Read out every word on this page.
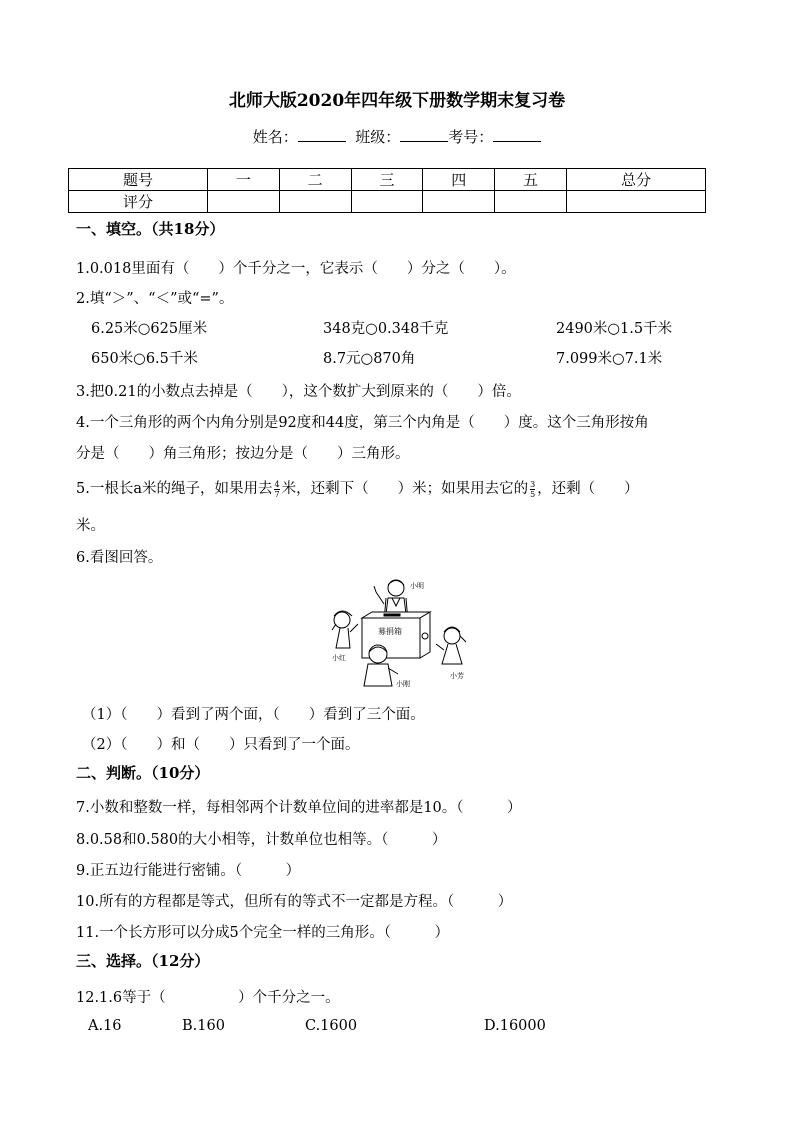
北师大版2020年四年级下册数学期末复习卷
姓名：	班级：	考号：
题号	一	二	三	四	五	总分
评分						
一、填空。（共18分）
1.0.018里面有（　　）个千分之一，它表示（　　）分之（　　）。
2.填“＞”、“＜”或“=”。
6.25米○625厘米	348克○0.348千克	2490米○1.5千米
650米○6.5千米	8.7元○870角	7.099米○7.1米
3.把0.21的小数点去掉是（　　），这个数扩大到原来的（　　）倍。
4.一个三角形的两个内角分别是92度和44度，第三个内角是（　　）度。这个三角形按角
分是（　　）角三角形；按边分是（　　）三角形。
5.一根长a米的绳子，如果用去 $\frac{4}{7}$ 米，还剩下（　　）米；如果用去它的 $\frac{3}{5}$ ，还剩（　　）
米。
6.看图回答。
小明
募捐箱
小红
小刚
小芳
（1）（　　）看到了两个面，（　　）看到了三个面。
（2）（　　）和（　　）只看到了一个面。
二、判断。（10分）
7.小数和整数一样，每相邻两个计数单位间的进率都是10。（　　　）
8.0.58和0.580的大小相等，计数单位也相等。（　　　）
9.正五边行能进行密铺。（　　　）
10.所有的方程都是等式，但所有的等式不一定都是方程。（　　　）
11.一个长方形可以分成5个完全一样的三角形。（　　　）
三、选择。（12分）
12.1.6等于（　　　　　）个千分之一。
A.16	B.160	C.1600	D.16000
